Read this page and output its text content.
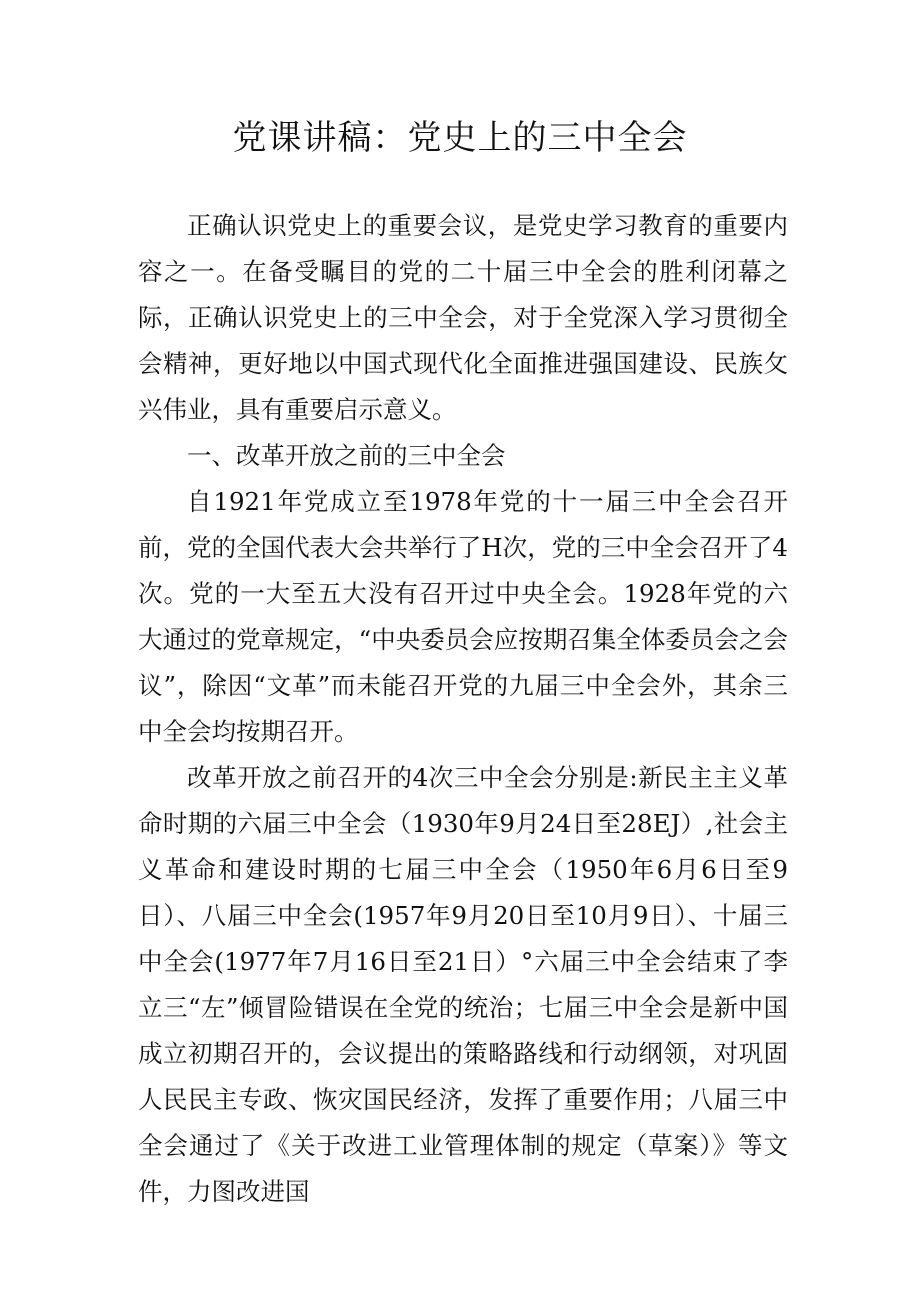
党课讲稿：党史上的三中全会

正确认识党史上的重要会议，是党史学习教育的重要内容之一。在备受瞩目的党的二十届三中全会的胜利闭幕之际，正确认识党史上的三中全会，对于全党深入学习贯彻全会精神，更好地以中国式现代化全面推进强国建设、民族攵兴伟业，具有重要启示意义。

一、改革开放之前的三中全会

自1921年党成立至1978年党的十一届三中全会召开前，党的全国代表大会共举行了H次，党的三中全会召开了4次。党的一大至五大没有召开过中央全会。1928年党的六大通过的党章规定，“中央委员会应按期召集全体委员会之会议”，除因“文革”而未能召开党的九届三中全会外，其余三中全会均按期召开。

改革开放之前召开的4次三中全会分别是:新民主主义革命时期的六届三中全会（1930年9月24日至28EJ）,社会主义革命和建设时期的七届三中全会（1950年6月6日至9日）、八届三中全会(1957年9月20日至10月9日）、十届三中全会(1977年7月16日至21日）°六届三中全会结束了李立三“左”倾冒险错误在全党的统治；七届三中全会是新中国成立初期召开的，会议提出的策略路线和行动纲领，对巩固人民民主专政、恢灾国民经济，发挥了重要作用；八届三中全会通过了《关于改进工业管理体制的规定（草案）》等文件，力图改进国
